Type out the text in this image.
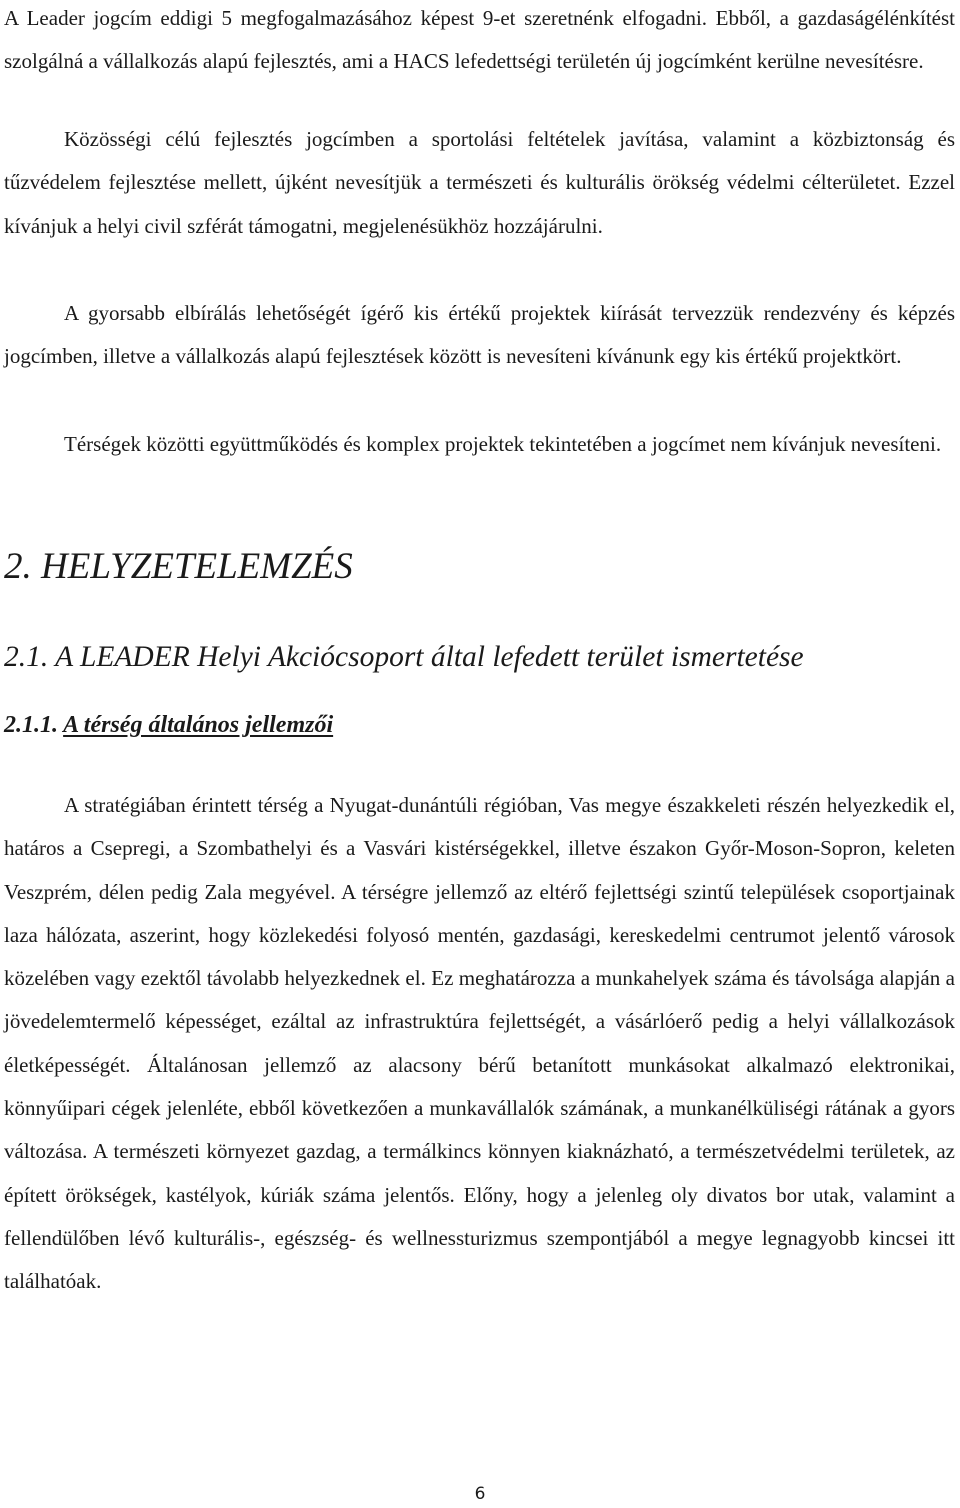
A Leader jogcím eddigi 5 megfogalmazásához képest 9-et szeretnénk elfogadni. Ebből, a gazdaságélénkítést szolgálná a vállalkozás alapú fejlesztés, ami a HACS lefedettségi területén új jogcímként kerülne nevesítésre.

Közösségi célú fejlesztés jogcímben a sportolási feltételek javítása, valamint a közbiztonság és tűzvédelem fejlesztése mellett, újként nevesítjük a természeti és kulturális örökség védelmi célterületet. Ezzel kívánjuk a helyi civil szférát támogatni, megjelenésükhöz hozzájárulni.

A gyorsabb elbírálás lehetőségét ígérő kis értékű projektek kiírását tervezzük rendezvény és képzés jogcímben, illetve a vállalkozás alapú fejlesztések között is nevesíteni kívánunk egy kis értékű projektkört.

Térségek közötti együttműködés és komplex projektek tekintetében a jogcímet nem kívánjuk nevesíteni.

2. HELYZETELEMZÉS
2.1. A LEADER Helyi Akciócsoport által lefedett terület ismertetése
2.1.1. A térség általános jellemzői

A stratégiában érintett térség a Nyugat-dunántúli régióban, Vas megye északkeleti részén helyezkedik el, határos a Csepregi, a Szombathelyi és a Vasvári kistérségekkel, illetve északon Győr-Moson-Sopron, keleten Veszprém, délen pedig Zala megyével. A térségre jellemző az eltérő fejlettségi szintű települések csoportjainak laza hálózata, aszerint, hogy közlekedési folyosó mentén, gazdasági, kereskedelmi centrumot jelentő városok közelében vagy ezektől távolabb helyezkednek el. Ez meghatározza a munkahelyek száma és távolsága alapján a jövedelemtermelő képességet, ezáltal az infrastruktúra fejlettségét, a vásárlóerő pedig a helyi vállalkozások életképességét. Általánosan jellemző az alacsony bérű betanított munkásokat alkalmazó elektronikai, könnyűipari cégek jelenléte, ebből következően a munkavállalók számának, a munkanélküliségi rátának a gyors változása. A természeti környezet gazdag, a termálkincs könnyen kiaknázható, a természetvédelmi területek, az épített örökségek, kastélyok, kúriák száma jelentős. Előny, hogy a jelenleg oly divatos bor utak, valamint a fellendülőben lévő kulturális-, egészség- és wellnessturizmus szempontjából a megye legnagyobb kincsei itt találhatóak.

6
